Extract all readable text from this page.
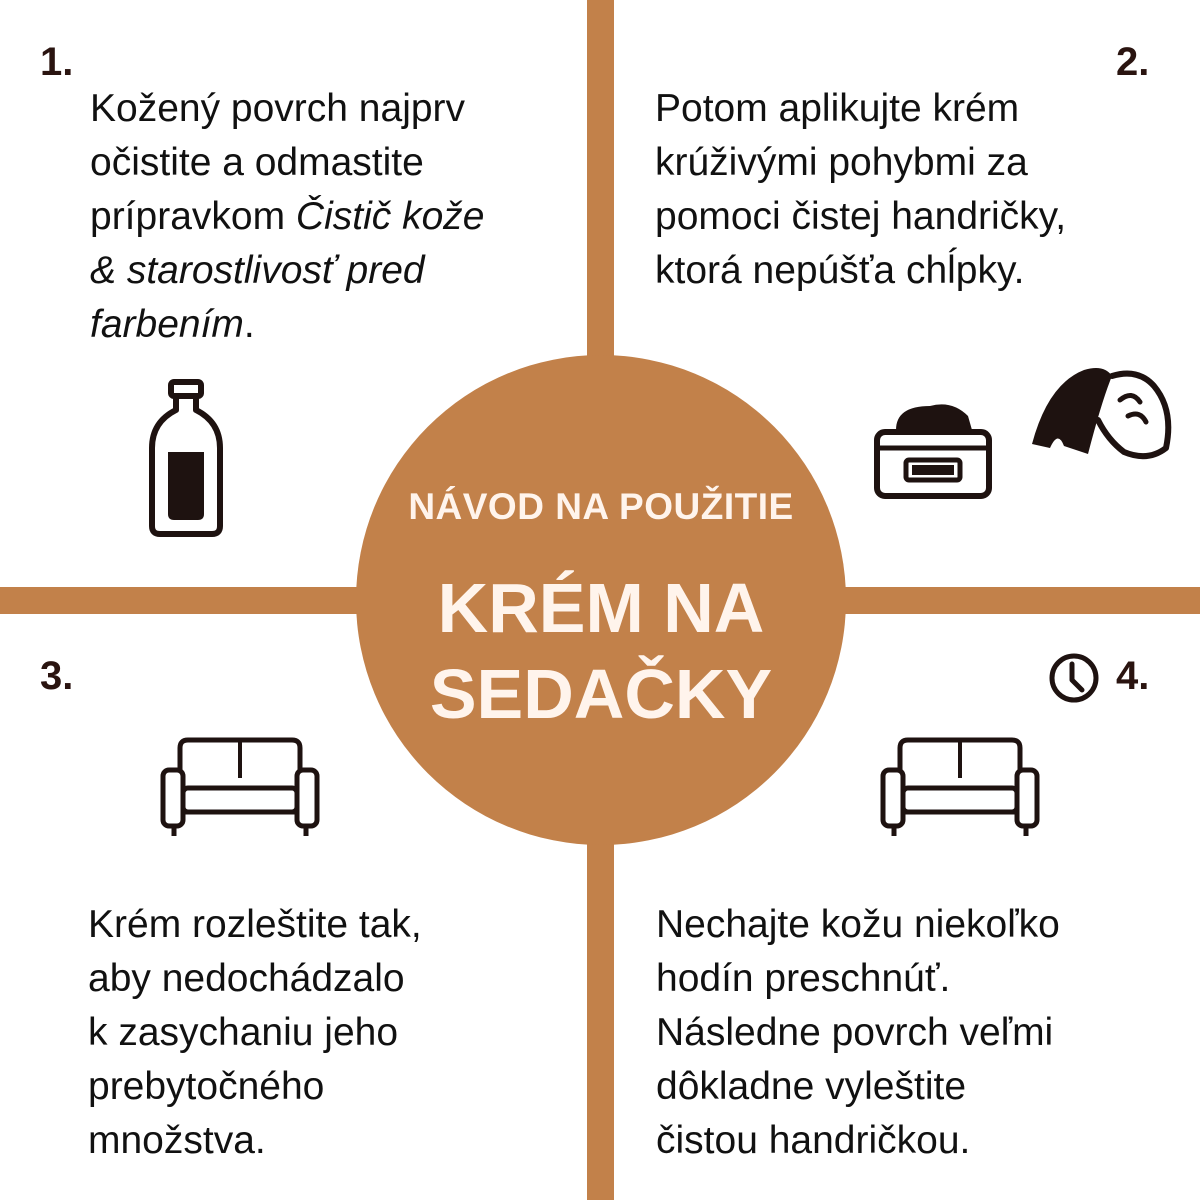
NÁVOD NA POUŽITIE
KRÉM NA
SEDAČKY
1.
Kožený povrch najprv
očistite a odmastite
prípravkom Čistič kože
& starostlivosť pred
farbením.
2.
Potom aplikujte krém
krúživými pohybmi za
pomoci čistej handričky,
ktorá nepúšťa chĺpky.
3.
Krém rozleštite tak,
aby nedochádzalo
k zasychaniu jeho
prebytočného
množstva.
4.
Nechajte kožu niekoľko
hodín preschnúť.
Následne povrch veľmi
dôkladne vyleštite
čistou handričkou.
